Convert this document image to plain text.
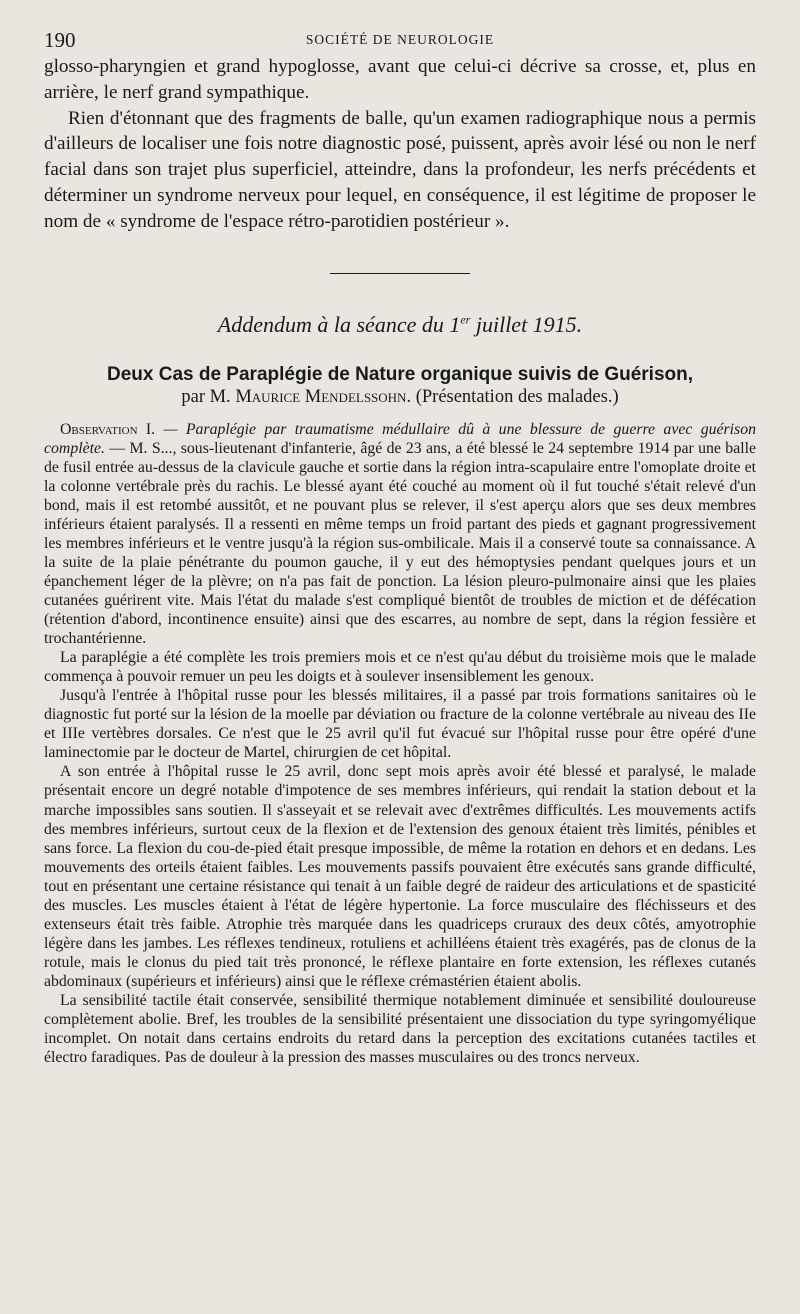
190	SOCIÉTÉ DE NEUROLOGIE

glosso-pharyngien et grand hypoglosse, avant que celui-ci décrive sa crosse, et, plus en arrière, le nerf grand sympathique.

Rien d'étonnant que des fragments de balle, qu'un examen radiographique nous a permis d'ailleurs de localiser une fois notre diagnostic posé, puissent, après avoir lésé ou non le nerf facial dans son trajet plus superficiel, atteindre, dans la profondeur, les nerfs précédents et déterminer un syndrome nerveux pour lequel, en conséquence, il est légitime de proposer le nom de « syndrome de l'espace rétro-parotidien postérieur ».

Addendum à la séance du 1er juillet 1915.
Deux Cas de Paraplégie de Nature organique suivis de Guérison,
par M. Maurice Mendelssohn. (Présentation des malades.)

Observation I. — Paraplégie par traumatisme médullaire dû à une blessure de guerre avec guérison complète. — M. S..., sous-lieutenant d'infanterie, âgé de 23 ans, a été blessé le 24 septembre 1914 par une balle de fusil entrée au-dessus de la clavicule gauche et sortie dans la région intra-scapulaire entre l'omoplate droite et la colonne vertébrale près du rachis. Le blessé ayant été couché au moment où il fut touché s'était relevé d'un bond, mais il est retombé aussitôt, et ne pouvant plus se relever, il s'est aperçu alors que ses deux membres inférieurs étaient paralysés. Il a ressenti en même temps un froid partant des pieds et gagnant progressivement les membres inférieurs et le ventre jusqu'à la région sus-ombilicale. Mais il a conservé toute sa connaissance. A la suite de la plaie pénétrante du poumon gauche, il y eut des hémoptysies pendant quelques jours et un épanchement léger de la plèvre; on n'a pas fait de ponction. La lésion pleuro-pulmonaire ainsi que les plaies cutanées guérirent vite. Mais l'état du malade s'est compliqué bientôt de troubles de miction et de défécation (rétention d'abord, incontinence ensuite) ainsi que des escarres, au nombre de sept, dans la région fessière et trochantérienne.

La paraplégie a été complète les trois premiers mois et ce n'est qu'au début du troisième mois que le malade commença à pouvoir remuer un peu les doigts et à soulever insensiblement les genoux.

Jusqu'à l'entrée à l'hôpital russe pour les blessés militaires, il a passé par trois formations sanitaires où le diagnostic fut porté sur la lésion de la moelle par déviation ou fracture de la colonne vertébrale au niveau des IIe et IIIe vertèbres dorsales. Ce n'est que le 25 avril qu'il fut évacué sur l'hôpital russe pour être opéré d'une laminectomie par le docteur de Martel, chirurgien de cet hôpital.

A son entrée à l'hôpital russe le 25 avril, donc sept mois après avoir été blessé et paralysé, le malade présentait encore un degré notable d'impotence de ses membres inférieurs, qui rendait la station debout et la marche impossibles sans soutien. Il s'asseyait et se relevait avec d'extrêmes difficultés. Les mouvements actifs des membres inférieurs, surtout ceux de la flexion et de l'extension des genoux étaient très limités, pénibles et sans force. La flexion du cou-de-pied était presque impossible, de même la rotation en dehors et en dedans. Les mouvements des orteils étaient faibles. Les mouvements passifs pouvaient être exécutés sans grande difficulté, tout en présentant une certaine résistance qui tenait à un faible degré de raideur des articulations et de spasticité des muscles. Les muscles étaient à l'état de légère hypertonie. La force musculaire des fléchisseurs et des extenseurs était très faible. Atrophie très marquée dans les quadriceps cruraux des deux côtés, amyotrophie légère dans les jambes. Les réflexes tendineux, rotuliens et achilléens étaient très exagérés, pas de clonus de la rotule, mais le clonus du pied tait très prononcé, le réflexe plantaire en forte extension, les réflexes cutanés abdominaux (supérieurs et inférieurs) ainsi que le réflexe crémastérien étaient abolis.

La sensibilité tactile était conservée, sensibilité thermique notablement diminuée et sensibilité douloureuse complètement abolie. Bref, les troubles de la sensibilité présentaient une dissociation du type syringomyélique incomplet. On notait dans certains endroits du retard dans la perception des excitations cutanées tactiles et électro faradiques. Pas de douleur à la pression des masses musculaires ou des troncs nerveux.
